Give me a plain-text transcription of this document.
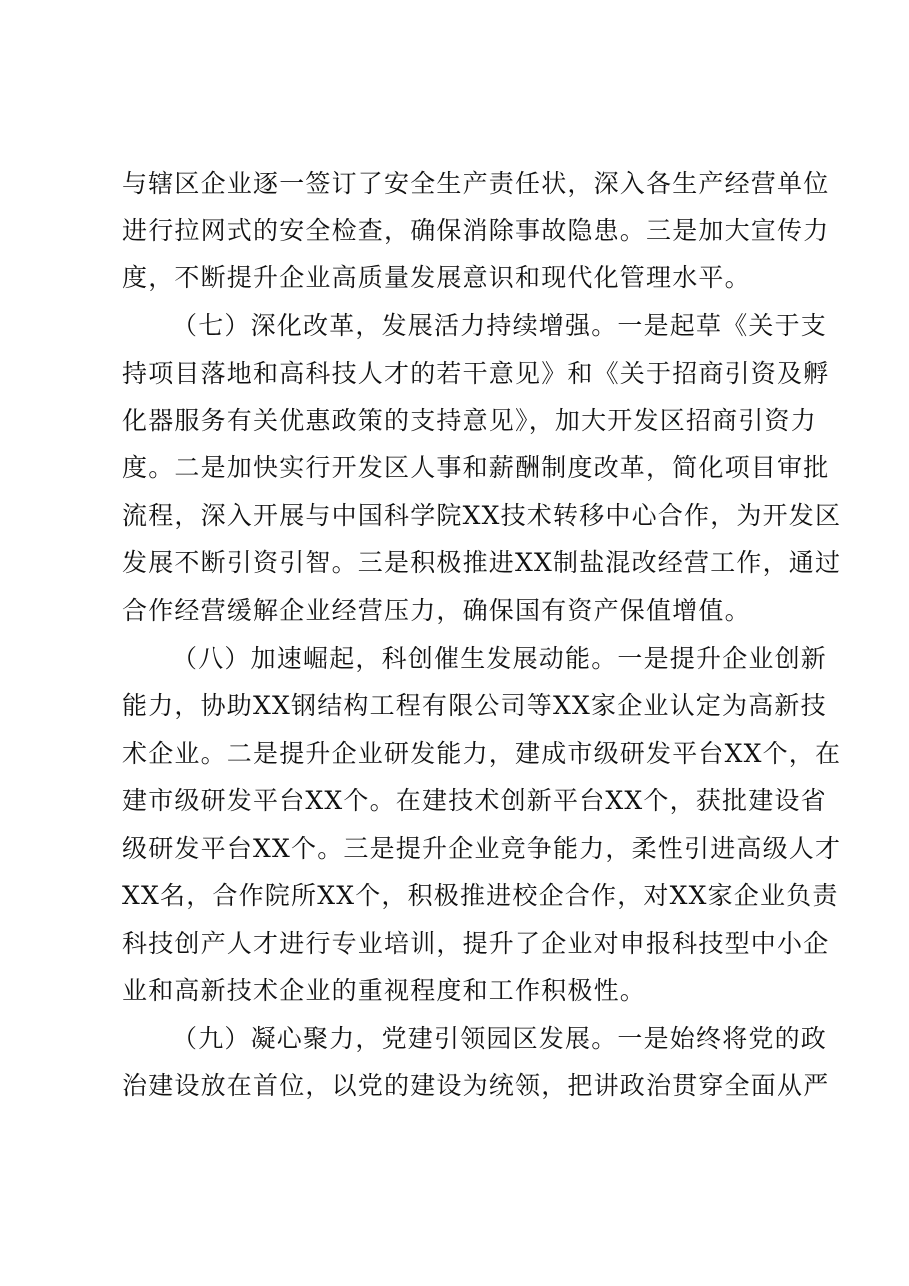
与辖区企业逐一签订了安全生产责任状，深入各生产经营单位
进行拉网式的安全检查，确保消除事故隐患。三是加大宣传力
度，不断提升企业高质量发展意识和现代化管理水平。
（七）深化改革，发展活力持续增强。一是起草《关于支
持项目落地和高科技人才的若干意见》和《关于招商引资及孵
化器服务有关优惠政策的支持意见》，加大开发区招商引资力
度。二是加快实行开发区人事和薪酬制度改革，简化项目审批
流程，深入开展与中国科学院XX技术转移中心合作，为开发区
发展不断引资引智。三是积极推进XX制盐混改经营工作，通过
合作经营缓解企业经营压力，确保国有资产保值增值。
（八）加速崛起，科创催生发展动能。一是提升企业创新
能力，协助XX钢结构工程有限公司等XX家企业认定为高新技
术企业。二是提升企业研发能力，建成市级研发平台XX个，在
建市级研发平台XX个。在建技术创新平台XX个，获批建设省
级研发平台XX个。三是提升企业竞争能力，柔性引进高级人才
XX名，合作院所XX个，积极推进校企合作，对XX家企业负责
科技创产人才进行专业培训，提升了企业对申报科技型中小企
业和高新技术企业的重视程度和工作积极性。
（九）凝心聚力，党建引领园区发展。一是始终将党的政
治建设放在首位，以党的建设为统领，把讲政治贯穿全面从严
